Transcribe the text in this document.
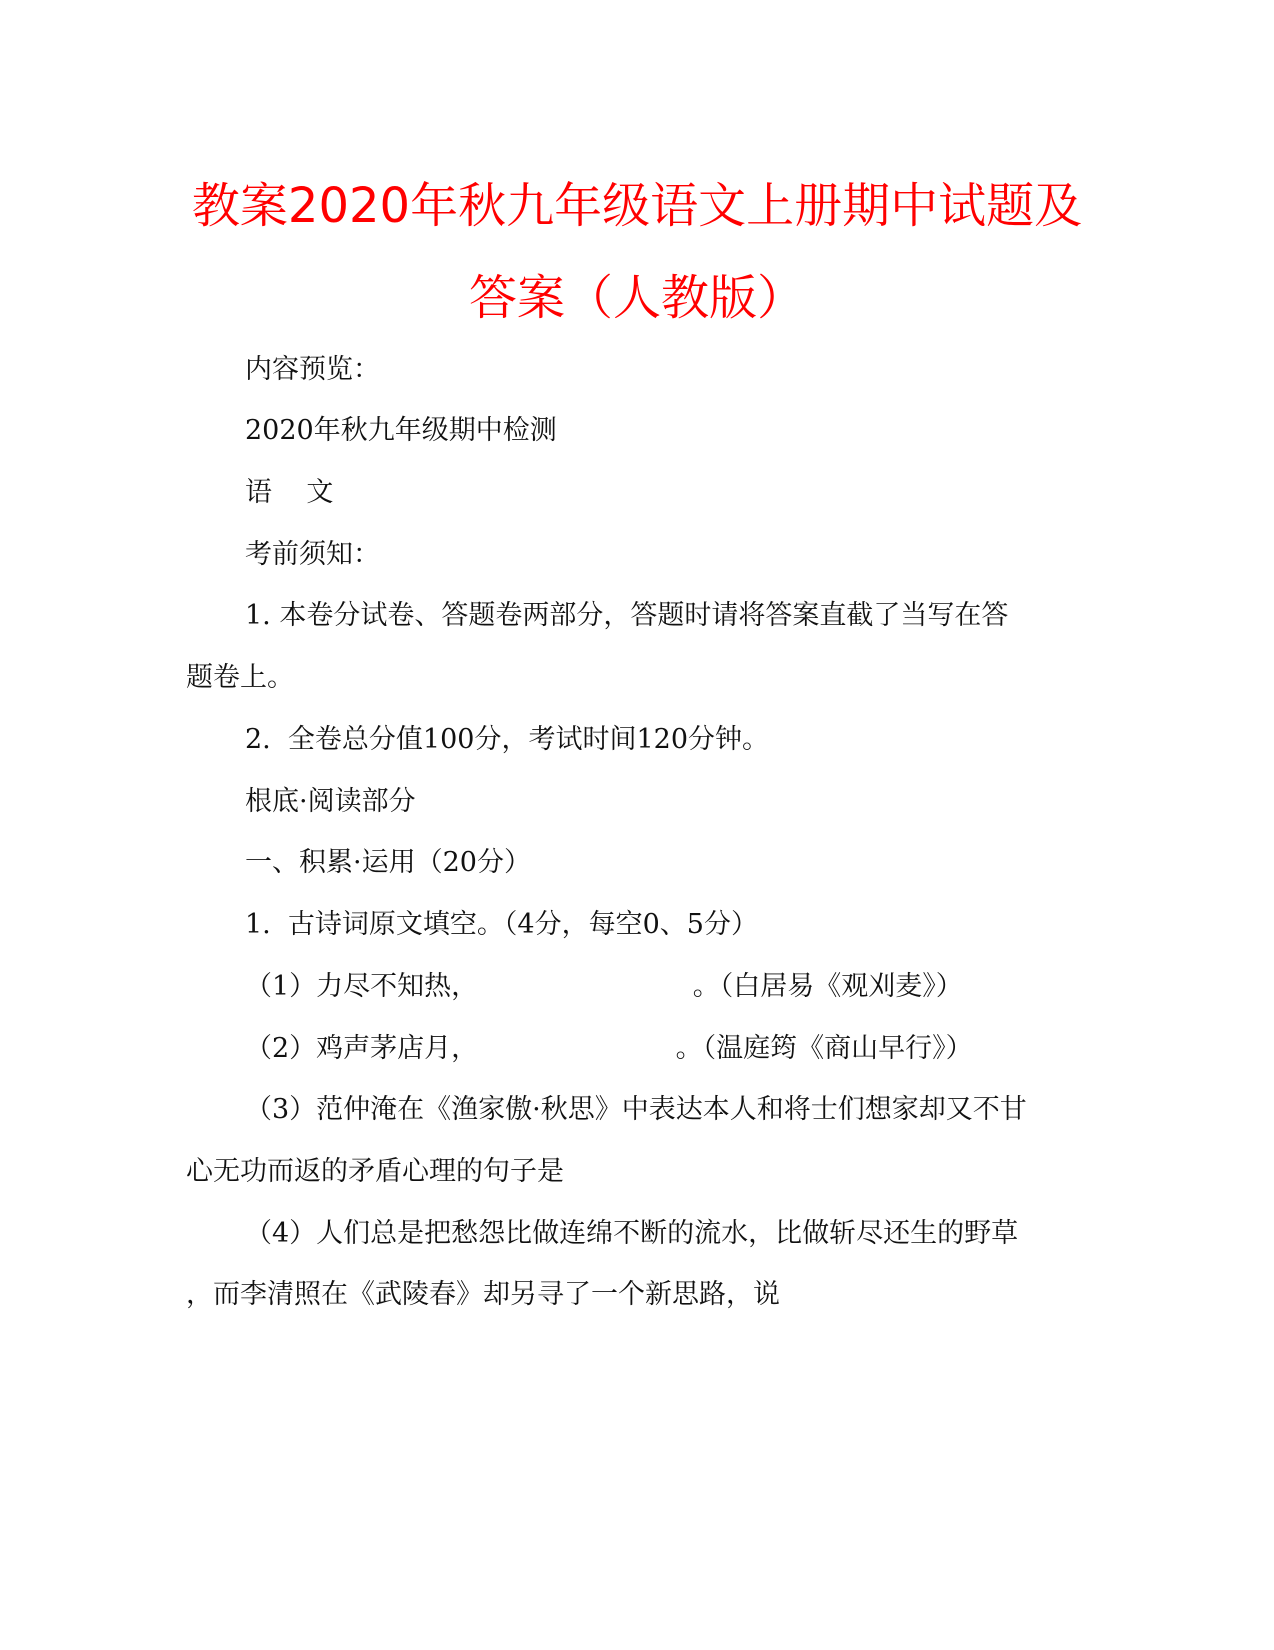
教案2020年秋九年级语文上册期中试题及
答案（人教版）
内容预览：
2020年秋九年级期中检测
语    文
考前须知：
1. 本卷分试卷、答题卷两部分，答题时请将答案直截了当写在答
题卷上。
2.  全卷总分值100分，考试时间120分钟。
根底·阅读部分
一、积累·运用（20分）
1.  古诗词原文填空。（4分，每空0、5分）
（1）力尽不知热，                         。（白居易《观刈麦》）
（2）鸡声茅店月，                       。（温庭筠《商山早行》）
（3）范仲淹在《渔家傲·秋思》中表达本人和将士们想家却又不甘
心无功而返的矛盾心理的句子是
（4）人们总是把愁怨比做连绵不断的流水，比做斩尽还生的野草
，而李清照在《武陵春》却另寻了一个新思路，说
